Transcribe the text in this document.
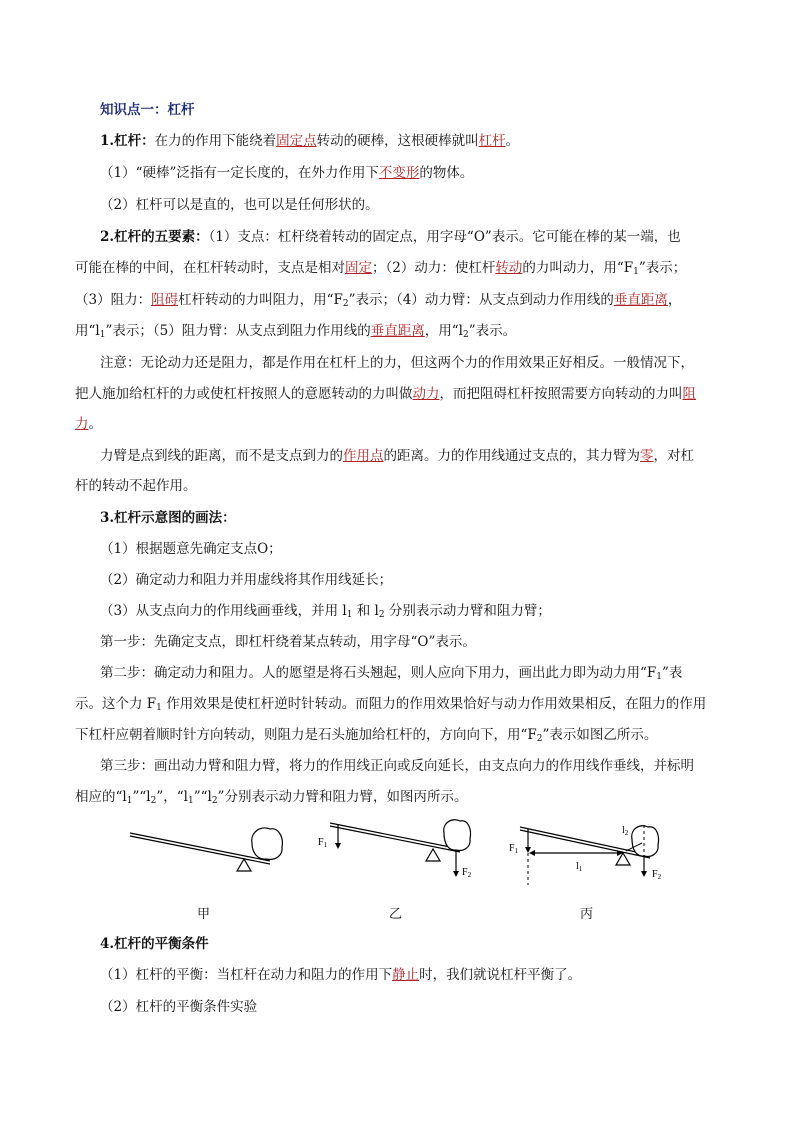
知识点一：杠杆
1.杠杆：在力的作用下能绕着固定点转动的硬棒，这根硬棒就叫杠杆。
（1）“硬棒”泛指有一定长度的，在外力作用下不变形的物体。
（2）杠杆可以是直的，也可以是任何形状的。
2.杠杆的五要素：（1）支点：杠杆绕着转动的固定点，用字母“O”表示。它可能在棒的某一端，也
可能在棒的中间，在杠杆转动时，支点是相对固定；（2）动力：使杠杆转动的力叫动力，用“$F_1$”表示；
（3）阻力：阻碍杠杆转动的力叫阻力，用“$F_2$”表示；（4）动力臂：从支点到动力作用线的垂直距离，
用“$l_1$”表示；（5）阻力臂：从支点到阻力作用线的垂直距离，用“$l_2$”表示。
注意：无论动力还是阻力，都是作用在杠杆上的力，但这两个力的作用效果正好相反。一般情况下，
把人施加给杠杆的力或使杠杆按照人的意愿转动的力叫做动力，而把阻碍杠杆按照需要方向转动的力叫阻
力。
力臂是点到线的距离，而不是支点到力的作用点的距离。力的作用线通过支点的，其力臂为零，对杠
杆的转动不起作用。
3.杠杆示意图的画法：
（1）根据题意先确定支点O；
（2）确定动力和阻力并用虚线将其作用线延长；
（3）从支点向力的作用线画垂线，并用 $l_1$ 和 $l_2$ 分别表示动力臂和阻力臂；
第一步：先确定支点，即杠杆绕着某点转动，用字母“O”表示。
第二步：确定动力和阻力。人的愿望是将石头翘起，则人应向下用力，画出此力即为动力用“$F_1$”表
示。这个力 $F_1$ 作用效果是使杠杆逆时针转动。而阻力的作用效果恰好与动力作用效果相反，在阻力的作用
下杠杆应朝着顺时针方向转动，则阻力是石头施加给杠杆的，方向向下，用“$F_2$”表示如图乙所示。
第三步：画出动力臂和阻力臂，将力的作用线正向或反向延长，由支点向力的作用线作垂线，并标明
相应的“$l_1”“l_2$”，“$l_1”“l_2$”分别表示动力臂和阻力臂，如图丙所示。
$F_1$
$F_2$
$F_1$
$l_1$	$F_2$
$l_2$
甲	乙	丙
4.杠杆的平衡条件
（1）杠杆的平衡：当杠杆在动力和阻力的作用下静止时，我们就说杠杆平衡了。
（2）杠杆的平衡条件实验
